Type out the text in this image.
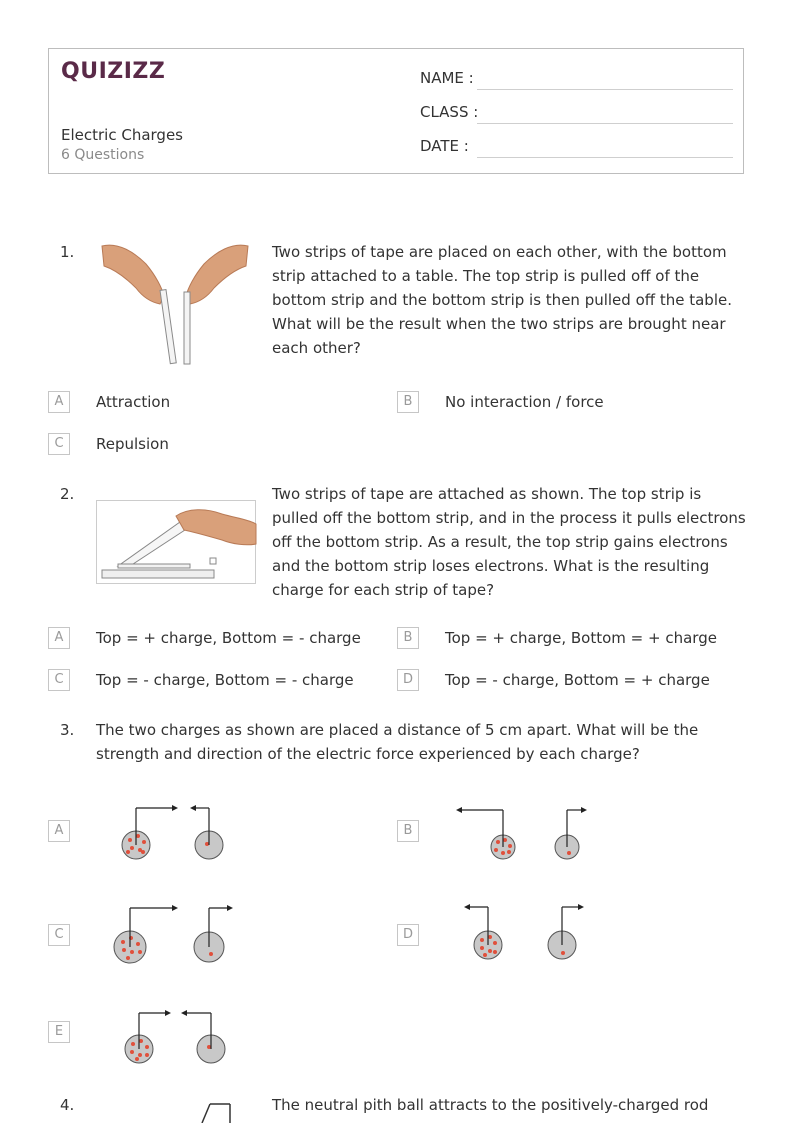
QUIZIZZ
Electric Charges
6 Questions
NAME :
CLASS :
DATE :
1.	Two strips of tape are placed on each other, with the bottom strip attached to a table. The top strip is pulled off of the bottom strip and the bottom strip is then pulled off the table. What will be the result when the two strips are brought near each other?
A	Attraction	B	No interaction / force
C	Repulsion
2.	Two strips of tape are attached as shown. The top strip is pulled off the bottom strip, and in the process it pulls electrons off the bottom strip. As a result, the top strip gains electrons and the bottom strip loses electrons. What is the resulting charge for each strip of tape?
A	Top = + charge, Bottom = - charge	B	Top = + charge, Bottom = + charge
C	Top = - charge, Bottom = - charge	D	Top = - charge, Bottom = + charge
3. The two charges as shown are placed a distance of 5 cm apart. What will be the strength and direction of the electric force experienced by each charge?
A	B
C	D
E
4.	The neutral pith ball attracts to the positively-charged rod
